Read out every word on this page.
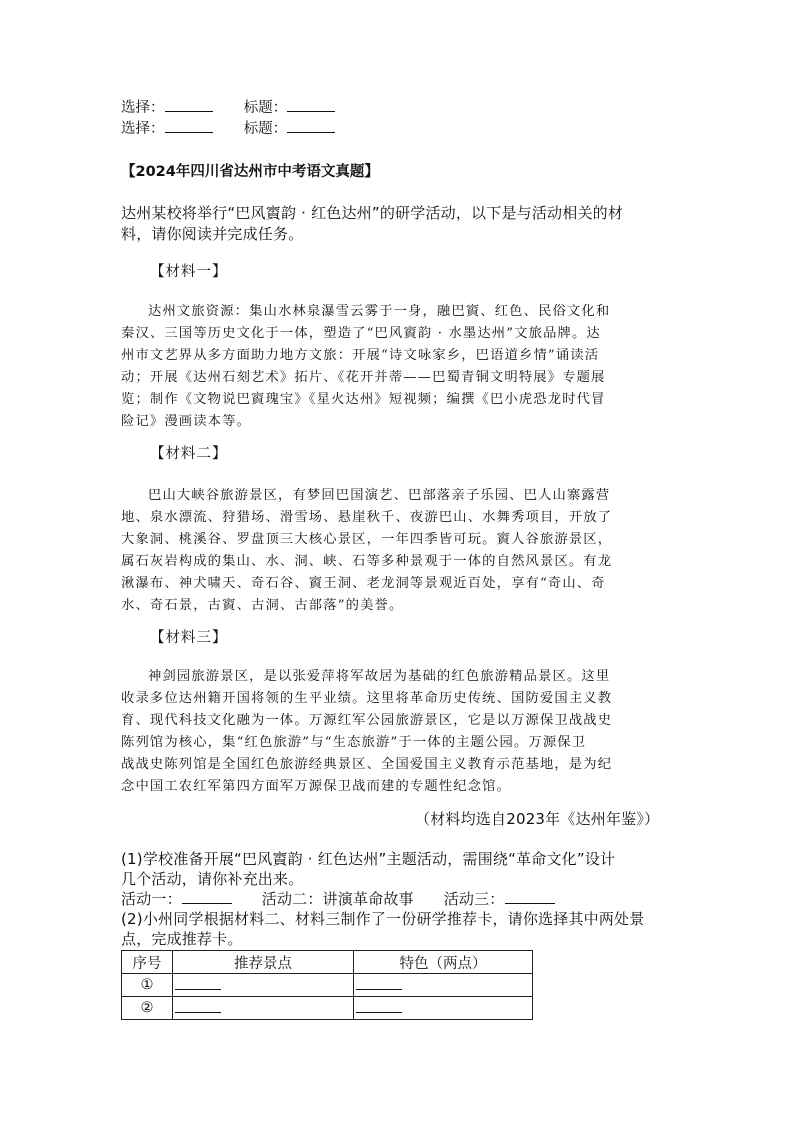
选择：	标题：
选择：	标题：
【2024年四川省达州市中考语文真题】
达州某校将举行“巴风賨韵 · 红色达州”的研学活动，以下是与活动相关的材
料，请你阅读并完成任务。
【材料一】
达州文旅资源：集山水林泉瀑雪云雾于一身，融巴賨、红色、民俗文化和
秦汉、三国等历史文化于一体，塑造了“巴风賨韵 · 水墨达州”文旅品牌。达
州市文艺界从多方面助力地方文旅：开展“诗文咏家乡，巴语道乡情”诵读活
动；开展《达州石刻艺术》拓片、《花开并蒂——巴蜀青铜文明特展》专题展
览；制作《文物说巴賨瑰宝》《星火达州》短视频；编撰《巴小虎恐龙时代冒
险记》漫画读本等。
【材料二】
巴山大峡谷旅游景区，有梦回巴国演艺、巴部落亲子乐园、巴人山寨露营
地、泉水漂流、狩猎场、滑雪场、悬崖秋千、夜游巴山、水舞秀项目，开放了
大象洞、桃溪谷、罗盘顶三大核心景区，一年四季皆可玩。賨人谷旅游景区，
属石灰岩构成的集山、水、洞、峡、石等多种景观于一体的自然风景区。有龙
湫瀑布、神犬啸天、奇石谷、賨王洞、老龙洞等景观近百处，享有“奇山、奇
水、奇石景，古賨、古洞、古部落”的美誉。
【材料三】
神剑园旅游景区，是以张爱萍将军故居为基础的红色旅游精品景区。这里
收录多位达州籍开国将领的生平业绩。这里将革命历史传统、国防爱国主义教
育、现代科技文化融为一体。万源红军公园旅游景区，它是以万源保卫战战史
陈列馆为核心，集“红色旅游”与“生态旅游”于一体的主题公园。万源保卫
战战史陈列馆是全国红色旅游经典景区、全国爱国主义教育示范基地，是为纪
念中国工农红军第四方面军万源保卫战而建的专题性纪念馆。
（材料均选自2023年《达州年鉴》）
(1)学校准备开展“巴风賨韵 · 红色达州”主题活动，需围绕“革命文化”设计
几个活动，请你补充出来。
活动一：	活动二：讲演革命故事 活动三：
(2)小州同学根据材料二、材料三制作了一份研学推荐卡，请你选择其中两处景
点，完成推荐卡。
序号	推荐景点	特色（两点）
①		
②		
